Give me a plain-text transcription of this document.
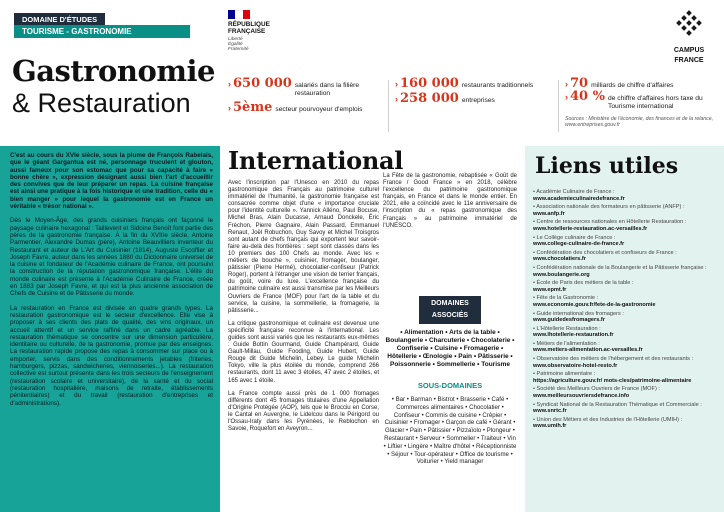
DOMAINE D'ÉTUDES
TOURISME - GASTRONOMIE
Gastronomie
& Restauration
RÉPUBLIQUE
FRANÇAISE
Liberté
Égalité
Fraternité	CAMPUS
FRANCE
› 650 000 salariés dans la filière restauration
› 5ème secteur pourvoyeur d'emplois
› 160 000 restaurants traditionnels
› 258 000 entreprises
› 70 milliards de chiffre d'affaires
› 40 % de chiffre d'affaires hors taxe du Tourisme international
Sources : Ministère de l'économie, des finances et de la relance, www.entreprises.gouv.fr

C'est au cours du XVIe siècle, sous la plume de François Rabelais, que le géant Gargantua est né, personnage truculent et glouton, aussi fameux pour son estomac que pour sa capacité à faire « bonne chère », expression désignant aussi bien l'art d'accueillir des convives que de leur préparer un repas. La cuisine française est ainsi une pratique à la fois historique et une tradition, celle du « bien manger » pour lequel la gastronomie est en France un véritable « trésor national ».

Dès le Moyen-Âge, des grands cuisiniers français ont façonné le paysage culinaire hexagonal : Taillevent et Sidoine Benoît font partie des pères de la gastronomie française. À la fin du XVIIIe siècle, Antoine Parmentier, Alexandre Dumas (père), Antoine Beauvilliers inventeur du Restaurant et auteur de L'Art du Cuisinier (1814), Auguste Escoffier et Joseph Favre, auteur dans les années 1880 du Dictionnaire universel de la cuisine et fondateur de l'Académie culinaire de France, ont poursuivi la construction de la réputation gastronomique française. L'élite du monde culinaire est présente à l'Académie Culinaire de France, créée en 1883 par Joseph Favre, et qui est la plus ancienne association de Chefs de Cuisine et de Pâtisserie du monde.

La restauration en France est divisée en quatre grands types. La restauration gastronomique est le secteur d'excellence. Elle vise à proposer à ses clients des plats de qualité, des vins originaux, un accueil attentif et un service raffiné dans un cadre agréable. La restauration thématique se concentre sur une dimension particulière, identitaire ou culturelle, de la gastronomie, promue par des enseignes. La restauration rapide propose des repas à consommer sur place ou à emporter, servis dans des conditionnements jetables (friteries, hamburgers, pizzas, sandwicheries, viennoiseries...). La restauration collective est surtout présente dans les trois secteurs de l'enseignement (restauration scolaire et universitaire), de la santé et du social (restauration hospitalière, maisons de retraite, établissements pénitentiaires) et du travail (restauration d'entreprises et d'administrations).

International

Avec l'inscription par l'Unesco en 2010 du repas gastronomique des Français au patrimoine culturel immatériel de l'humanité, la gastronomie française est consacrée comme objet d'une « importance cruciale pour l'identité culturelle ». Yannick Alléno, Paul Bocuse, Michel Bras, Alain Ducasse, Arnaud Donckele, Éric Fréchon, Pierre Gagnaire, Alain Passard, Emmanuel Renaut, Joël Robuchon, Guy Savoy et Michel Troisgros sont autant de chefs français qui exportent leur savoir-faire au-delà des frontières : sept sont classés dans les 10 premiers des 100 Chefs au monde. Avec les « métiers de bouche », cuisinier, fromager, boulanger, pâtissier (Pierre Hermé), chocolatier-confiseur (Patrick Roger), portent à l'étranger une vision de terrier français, du goût, voire du luxe. L'excellence française du patrimoine culinaire est aussi transmise par les Meilleurs Ouvriers de France (MOF) pour l'art de la table et du service, la cuisine, la sommellerie, la fromagerie, la pâtisserie...

La critique gastronomique et culinaire est devenue une spécificité française reconnue à l'international. Les guides sont aussi variés que les restaurants eux-mêmes : Guide Bottin Gourmand, Guide Champérard, Guide Gault-Millau, Guide Fooding, Guide Hubert, Guide Rouge dit Guide Michelin, Lebey. Le guide Michelin Tokyo, ville la plus étoilée du monde, comprend 266 restaurants, dont 11 avec 3 étoiles, 47 avec 2 étoiles, et 165 avec 1 étoile.

La France compte aussi près de 1 000 fromages différents dont 45 fromages titulaires d'une Appellation d'Origine Protégée (AOP), tels que le Brocciu en Corse, le Cantal en Auvergne, le Lidelcou dans le Périgord ou l'Ossau-Iraty dans les Pyrénées, le Reblochon en Savoie, Roquefort en Aveyron...

La Fête de la gastronomie, rebaptisée « Goût de France / Good France » en 2018, célèbre l'excellence du patrimoine gastronomique français, en France et dans le monde entier. En 2021, elle a coïncidé avec le 11e anniversaire de l'inscription du « repas gastronomique des Français » au patrimoine immatériel de l'UNESCO.

DOMAINES
ASSOCIÉS
• Alimentation • Arts de la table • Boulangerie • Charcuterie • Chocolaterie • Confiserie • Cuisine • Fromagerie • Hôtellerie • Œnologie • Pain • Pâtisserie • Poissonnerie • Sommellerie • Tourisme
SOUS-DOMAINES
• Bar • Barman • Bistrot • Brasserie • Café • Commerces alimentaires • Chocolatier • Confiseur • Commis de cuisine • Crêpier • Cuisinier • Fromager • Garçon de café • Gérant • Glacier • Pain • Pâtissier • Pizzaïolo • Plongeur • Restaurant • Serveur • Sommelier • Traiteur • Vin • Liftier • Lingère • Maître d'hôtel • Réceptionniste • Séjour • Tour-opérateur • Office de tourisme • Voiturier • Yield manager
Liens utiles
• Académie Culinaire de France :
www.academieculinairedefrance.fr
• Association nationale des formateurs en pâtisserie (ANFP) :
www.anfp.fr
• Centre de ressources nationales en Hôtellerie Restauration :
www.hotellerie-restauration.ac-versailles.fr
• Le Collège culinaire de France :
www.college-culinaire-de-france.fr
• Confédération des chocolatiers et confiseurs de France :
www.chocolatiers.fr
• Confédération nationale de la Boulangerie et la Pâtisserie française :
www.boulangerie.org
• École de Paris des métiers de la table :
www.epmt.fr
• Fête de la Gastronomie :
www.economie.gouv.fr/fete-de-la-gastronomie
• Guide international des fromagers :
www.guidedesfromagers.fr
• L'Hôtellerie Restauration :
www.lhotellerie-restauration.fr
• Métiers de l'alimentation :
www.metiers-alimentation.ac-versailles.fr
• Observatoire des métiers de l'hébergement et des restaurants :
www.observatoire-hotel-resto.fr
• Patrimoine alimentaire :
https://agriculture.gouv.fr/ mots-cles/patrimoine-alimentaire
• Société des Meilleurs Ouvriers de France (MOF) :
www.meilleursouvriersdefrance.info
• Syndicat National de la Restauration Thématique et Commerciale :
www.snrtc.fr
• Union des Métiers et des Industries de l'Hôtellerie (UMIH) :
www.umih.fr
